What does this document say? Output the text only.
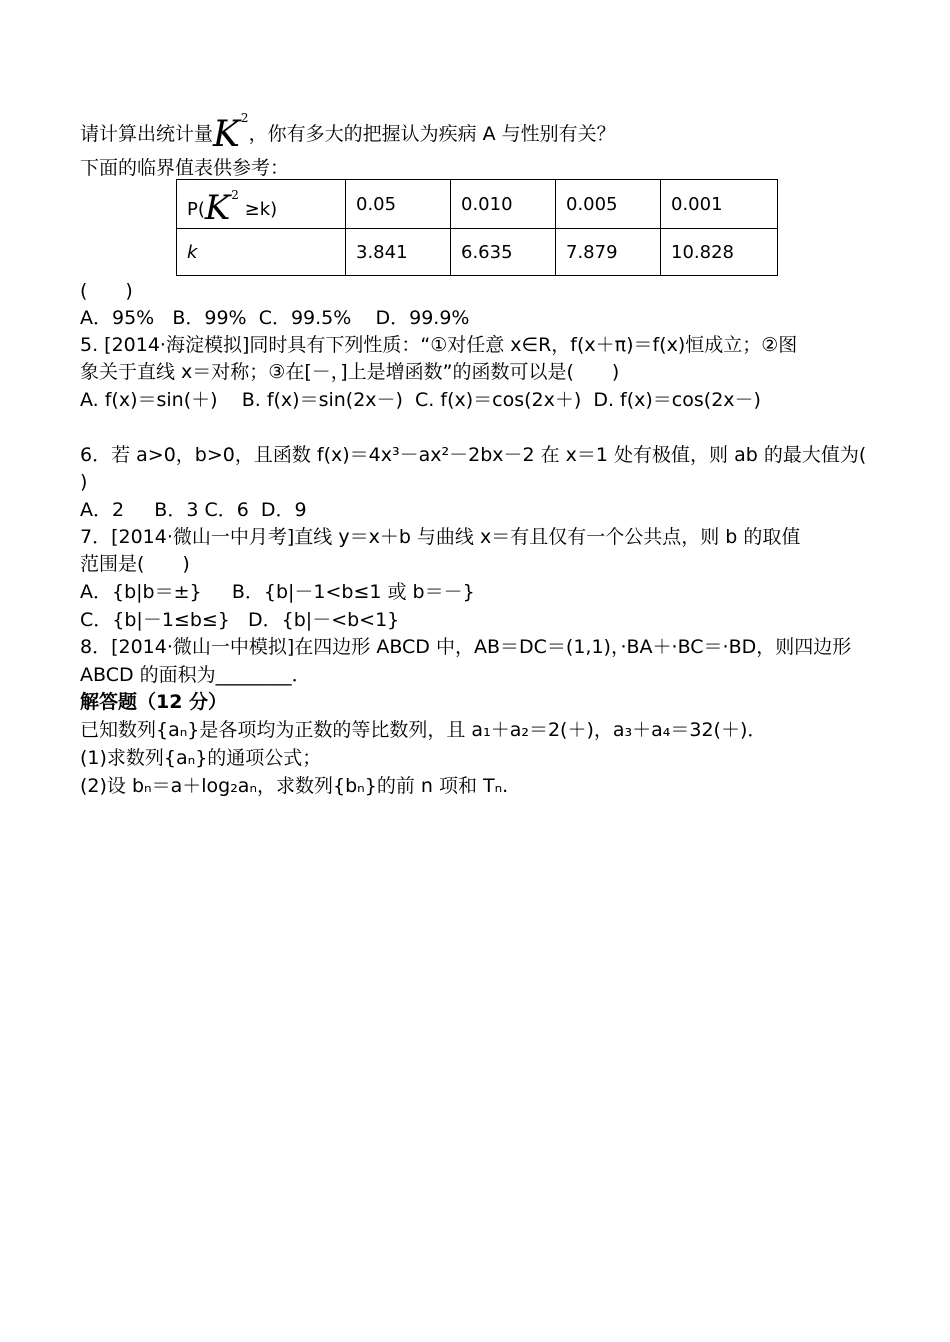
请计算出统计量$K^2$，你有多大的把握认为疾病 A 与性别有关？
下面的临界值表供参考：
$P(K^2 \ge k)$	0.05	0.010	0.005	0.001
k	3.841	6.635	7.879	10.828
(　　)
A．95%   B．99%  C．99.5%    D．99.9%
5. [2014·海淀模拟]同时具有下列性质：“①对任意 x∈R，f(x＋π)＝f(x)恒成立；②图
象关于直线 x＝对称；③在[－，]上是增函数”的函数可以是(　　)
A. f(x)＝sin(＋)    B. f(x)＝sin(2x－)  C. f(x)＝cos(2x＋)  D. f(x)＝cos(2x－)
6．若 a>0，b>0，且函数 f(x)＝4x³－ax²－2bx－2 在 x＝1 处有极值，则 ab 的最大值为(
)
A．2     B．3 C．6  D．9
7．[2014·微山一中月考]直线 y＝x＋b 与曲线 x＝有且仅有一个公共点，则 b 的取值
范围是(　　)
A．{b|b＝±}     B．{b|－1<b≤1 或 b＝－}
C．{b|－1≤b≤}   D．{b|－<b<1}
8．[2014·微山一中模拟]在四边形 ABCD 中，AB＝DC＝(1,1)，·BA＋·BC＝·BD，则四边形
ABCD 的面积为________．
解答题（12 分）
已知数列{aₙ}是各项均为正数的等比数列，且 a₁＋a₂＝2(＋)，a₃＋a₄＝32(＋)．
(1)求数列{aₙ}的通项公式；
(2)设 bₙ＝a＋log₂aₙ，求数列{bₙ}的前 n 项和 Tₙ.
